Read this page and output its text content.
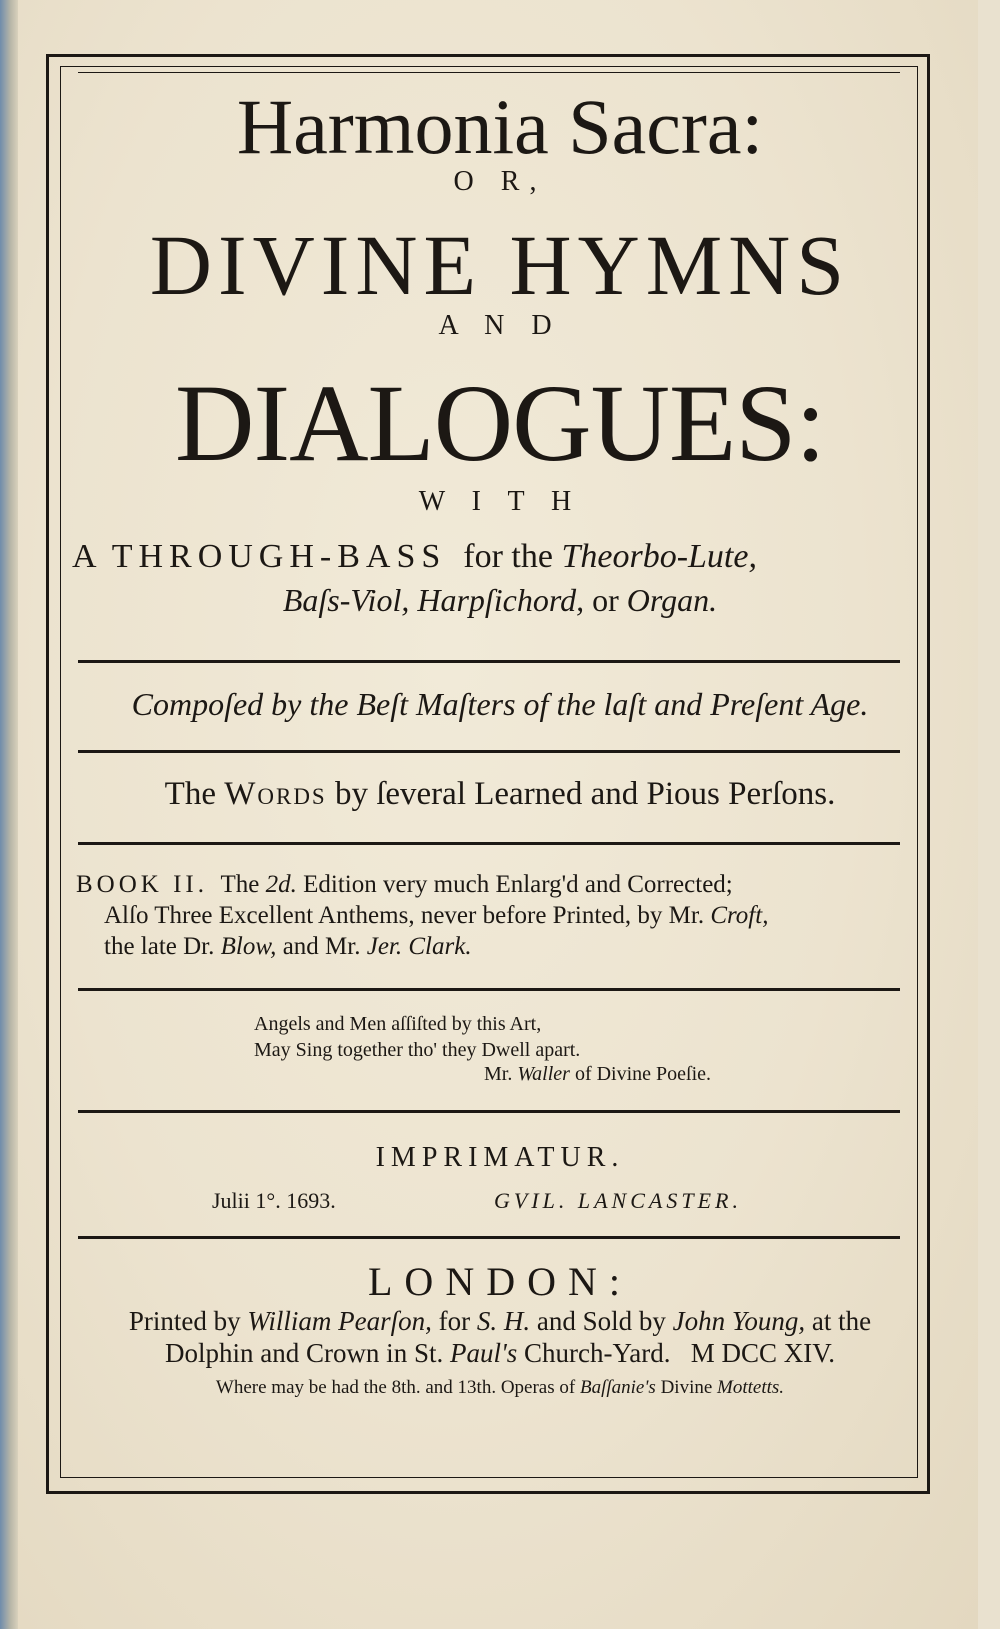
Harmonia Sacra:
O R,
DIVINE HYMNS
A N D
DIALOGUES:
W I T H
A THROUGH-BASS for the Theorbo-Lute,
Baſs-Viol, Harpſichord, or Organ.
Compoſed by the Beſt Maſters of the laſt and Preſent Age.
The Words by ſeveral Learned and Pious Perſons.
BOOK II. The 2d. Edition very much Enlarg'd and Corrected;
Alſo Three Excellent Anthems, never before Printed, by Mr. Croft,
the late Dr. Blow, and Mr. Jer. Clark.
Angels and Men aſſiſted by this Art,
May Sing together tho' they Dwell apart.
Mr. Waller of Divine Poeſie.
IMPRIMATUR.
Julii 1°. 1693.	GVIL. LANCASTER.
LONDON:
Printed by William Pearſon, for S. H. and Sold by John Young, at the
Dolphin and Crown in St. Paul's Church-Yard. M DCC XIV.
Where may be had the 8th. and 13th. Operas of Baſſanie's Divine Mottetts.
